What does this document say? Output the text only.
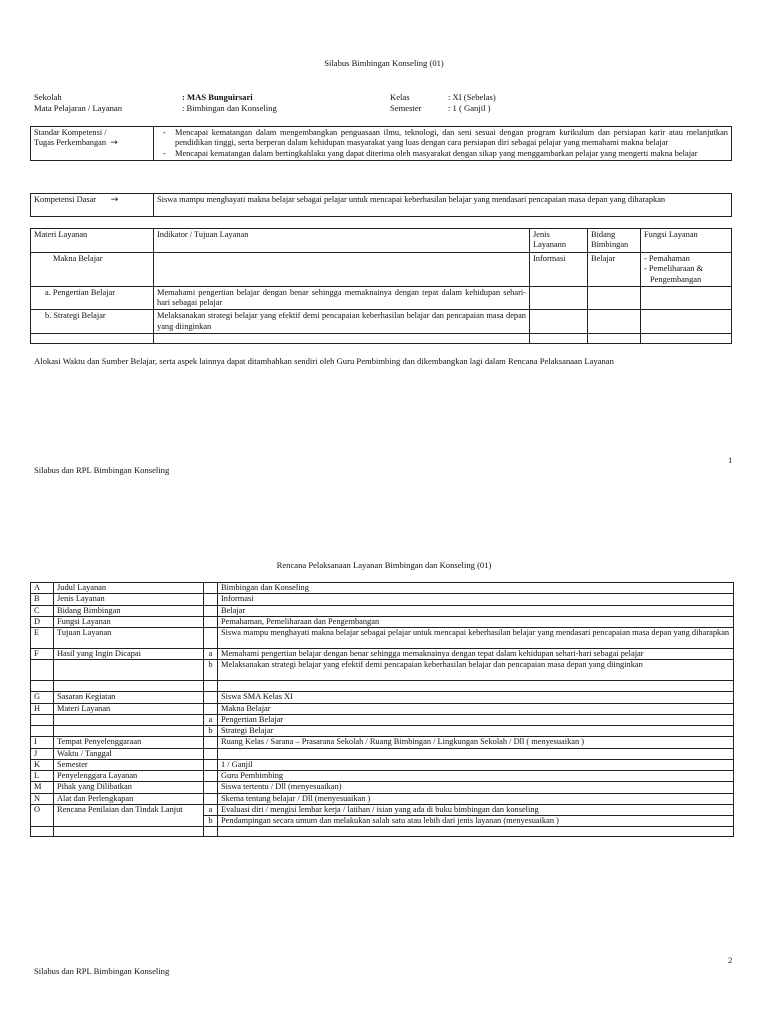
Silabus Bimbingan Konseling (01)
Sekolah	: MAS Bunguirsari
Mata Pelajaran / Layanan	: Bimbingan dan Konseling
Kelas	: XI (Sebelas)
Semester	: 1 ( Ganjil )
Standar Kompetensi /
Tugas Perkembangan →

- Mencapai kematangan dalam mengembangkan penguasaan ilmu, teknologi, dan seni sesuai dengan program kurikulum dan persiapan karir atau melanjutkan pendidikan tinggi, serta berperan dalam kehidupan masyarakat yang luas dengan cara persiapan diri sebagai pelajar yang memahami makna belajar
- Mencapai kematangan dalam bertingkahlaku yang dapat diterima oleh masyarakat dengan sikap yang menggambarkan pelajar yang mengerti makna belajar
Kompetensi Dasar →	Siswa mampu menghayati makna belajar sebagai pelajar untuk mencapai keberhasilan belajar yang mendasari pencapaian masa depan yang diharapkan
Materi Layanan	Indikator / Tujuan Layanan	Jenis Layanann	Bidang Bimbingan	Fungsi Layanan
Makna Belajar		Informasi	Belajar	- Pemahaman
- Pemeliharaan &
Pengembangan

a. Pengertian Belajar	Memahami pengertian belajar dengan benar sehingga memaknainya dengan tepat dalam kehidupan sehari-hari sebagai pelajar			
b. Strategi Belajar	Melaksanakan strategi belajar yang efektif demi pencapaian keberhasilan belajar dan pencapaian masa depan yang diinginkan			

Alokasi Waktu dan Sumber Belajar, serta aspek lainnya dapat ditambahkan sendiri oleh Guru Pembimbing dan dikembangkan lagi dalam Rencana Pelaksanaan Layanan
1
Silabus dan RPL Bimbingan Konseling
Rencana Pelaksanaan Layanan Bimbingan dan Konseling (01)
A	Judul Layanan		Bimbingan dan Konseling
B	Jenis Layanan		Informasi
C	Bidang Bimbingan		Belajar
D	Fungsi Layanan		Pemahaman, Pemeliharaan dan Pengembangan
E	Tujuan Layanan		Siswa mampu menghayati makna belajar sebagai pelajar untuk mencapai keberhasilan belajar yang mendasari pencapaian masa depan yang diharapkan
F	Hasil yang Ingin Dicapai	a	Memahami pengertian belajar dengan benar sehingga memaknainya dengan tepat dalam kehidupan sehari-hari sebagai pelajar
		b	Melaksanakan strategi belajar yang efektif demi pencapaian keberhasilan belajar dan pencapaian masa depan yang diinginkan

G	Sasaran Kegiatan		Siswa SMA Kelas XI
H	Materi Layanan		Makna Belajar
		a	Pengertian Belajar
		b	Strategi Belajar
I	Tempat Penyelenggaraan		Ruang Kelas / Sarana – Prasarana Sekolah / Ruang Bimbingan / Lingkungan Sekolah / Dll ( menyesuaikan )
J	Waktu / Tanggal		
K	Semester		1 / Ganjil
L	Penyelenggara Layanan		Guru Pembimbing
M	Pihak yang Dilibatkan		Siswa tertentu / Dll (menyesuaikan)
N	Alat dan Perlengkapan		Skema tentang belajar / Dll (menyesuaikan )
O	Rencana Penilaian dan Tindak Lanjut	a	Evaluasi diri / mengisi lembar kerja / latihan / isian yang ada di buku bimbingan dan konseling
		b	Pendampingan secara umum dan melakukan salah satu atau lebih dari jenis layanan (menyesuaikan )

2
Silabus dan RPL Bimbingan Konseling
